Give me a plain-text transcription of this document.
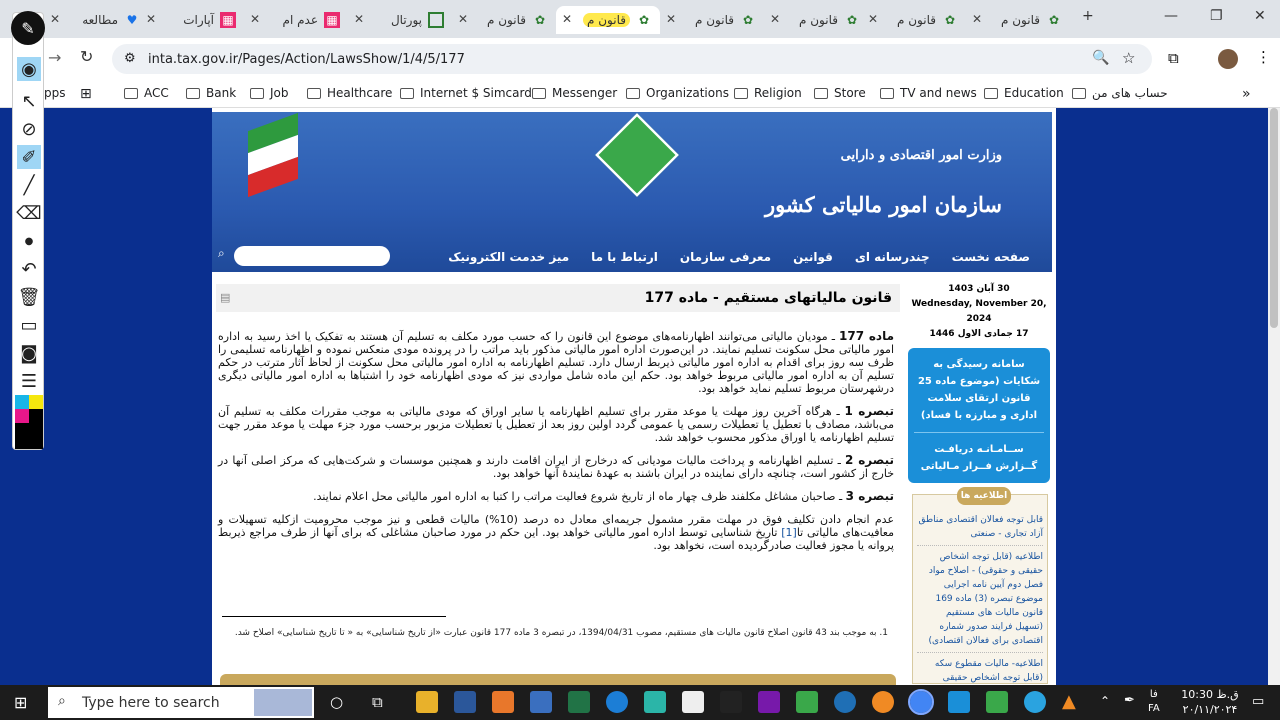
♥
مطالعه
✕	▦
آپارات
✕	▦
عدم ام
✕	پورتال
✕	✿
قانون م
✕	✿
قانون م
✕	✿
قانون م
✕	✿
قانون م
✕	✿
قانون م
✕	✿
قانون م
✕	+	— ❐ ✕
→ ↻ ⚙ inta.tax.gov.ir/Pages/Action/LawsShow/1/4/5/177	🔍 ☆ ⧉	⋮
pps ⊞	ACC	Bank	Job	Healthcare Internet $ Simcard Messenger Organizations Religion	Store	TV and news Education حساب های من	»
وزارت امور اقتصادی و دارایی
سازمان امور مالیاتی کشور
صفحه نخست
چندرسانه ای
قوانین
معرفی سازمان
ارتباط با ما
میز خدمت الکترونیک
⌕
قانون مالیاتهای مستقیم - ماده 177
▤

ماده 177 ـ مودیان مالیاتی می‌توانند اظهارنامه‌های موضوع این قانون را که حسب مورد مکلف به تسلیم آن هستند به تفکیک یا اخذ رسید به اداره امور مالیاتی محل سکونت تسلیم نمایند. در این‌صورت اداره امور مالیاتی مذکور باید مراتب را در پرونده مودی منعکس نموده و اظهارنامه تسلیمی را ظرف سه روز برای اقدام به اداره امور مالیاتی ذیربط ارسال دارد. تسلیم اظهارنامه به اداره امور مالیاتی محل سکونت از لحاظ آثار مترتب در حکم تسلیم آن به اداره امور مالیاتی مربوط خواهد بود. حکم این ماده شامل مواردی نیز که مودی اظهارنامه خود را اشتباها به اداره امور مالیاتی دیگری درشهرستان مربوط تسلیم نماید خواهد بود.

تبصره 1 ـ هرگاه آخرین روز مهلت یا موعد مقرر برای تسلیم اظهارنامه یا سایر اوراق که مودی مالیاتی به موجب مقررات مکلف به تسلیم آن می‌باشد، مصادف با تعطیل یا تعطیلات رسمی یا عمومی گردد اولین روز بعد از تعطیل یا تعطیلات مزبور برحسب مورد جزء مهلت یا موعد مقرر جهت تسلیم اظهارنامه یا اوراق مذکور محسوب خواهد شد.

تبصره 2 ـ تسلیم اظهارنامه و پرداخت مالیات مودیانی که درخارج از ایران اقامت دارند و همچنین موسسات و شرکت‌هایی که مرکز اصلی آنها در خارج از کشور است، چنانچه دارای نماینده در ایران باشند به عهدهٔ نمایندهٔ آنها خواهد بود.

تبصره 3 ـ صاحبان مشاغل مکلفند ظرف چهار ماه از تاریخ شروع فعالیت مراتب را کتبا به اداره امور مالیاتی محل اعلام نمایند.

عدم انجام دادن تکلیف فوق در مهلت مقرر مشمول جریمه‌ای معادل ده درصد (10%) مالیات قطعی و نیز موجب محرومیت ازکلیه تسهیلات و معافیت‌های مالیاتی تا[1] تاریخ شناسایی توسط اداره امور مالیاتی خواهد بود. این حکم در مورد صاحبان مشاغلی که برای آنها از طرف مراجع ذیربط پروانه یا مجوز فعالیت صادرگردیده است، نخواهد بود.

1. به موجب بند 43 قانون اصلاح قانون مالیات های مستقیم، مصوب 1394/04/31، در تبصره 3 ماده 177 قانون عبارت «از تاریخ شناسایی» به « تا تاریخ شناسایی» اصلاح شد.
30 آبان 1403
Wednesday, November 20, 2024
17 جمادی الاول 1446
سامانه رسیدگی به شکایات (موضوع ماده 25 قانون ارتقای سلامت اداری و مبارزه با فساد)
ســامـانـه دریافـت گــزارش فــرار مـالیاتی
اطلاعیه ها
قابل توجه فعالان اقتصادی مناطق آزاد تجاری - صنعتی
اطلاعیه (قابل توجه اشخاص حقیقی و حقوقی) - اصلاح مواد فصل دوم آیین نامه اجرایی موضوع تبصره (3) ماده 169 قانون مالیات های مستقیم (تسهیل فرایند صدور شماره اقتصادی برای فعالان اقتصادی)
اطلاعیه- مالیات مقطوع سکه (قابل توجه اشخاص حقیقی
✎
◉
↖
⊘
✐
╱
⌫
●
↶
🗑
▭
◙
☰
⊞ ⌕ Type here to search	○ ⧉	▲	⌃ ✒ فا
FA
10:30 ق.ظ
۲۰/۱۱/۲۰۲۴
▭
